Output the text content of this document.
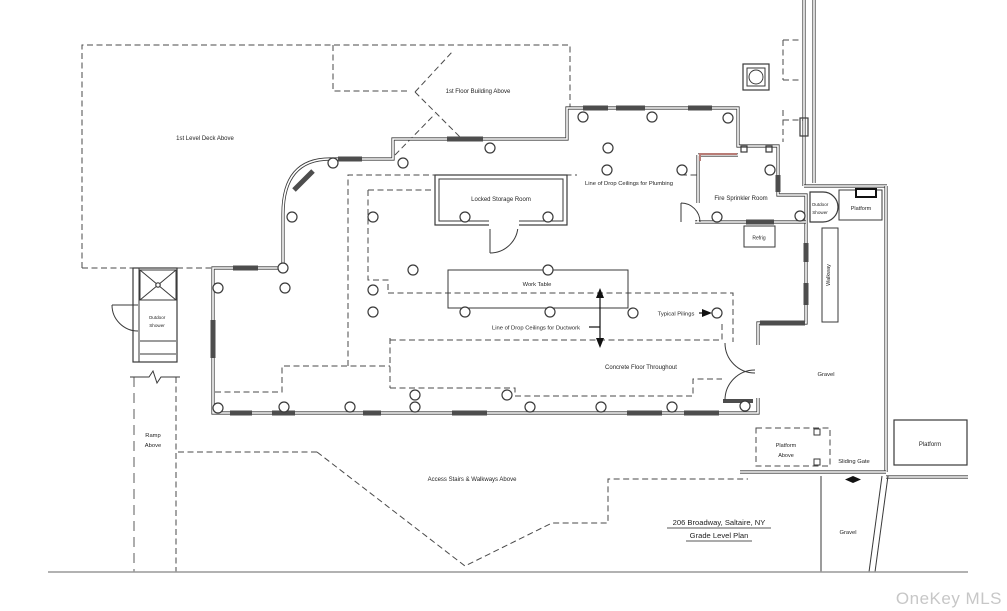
1st Level Deck Above
1st Floor Building Above
Locked Storage Room
Line of Drop Ceilings for Plumbing
Fire Sprinkler Room
Refrig
Work Table
Line of Drop Ceilings for Ductwork
Typical Pilings
Concrete Floor Throughout
Access Stairs & Walkways Above
Gravel
Gravel
Sliding Gate
Platform
Platform
Platform
Above
Outdoor
Shower
Outdoor
Shower
Walkway
Ramp
Above
206 Broadway, Saltaire, NY
Grade Level Plan
OneKey MLS
